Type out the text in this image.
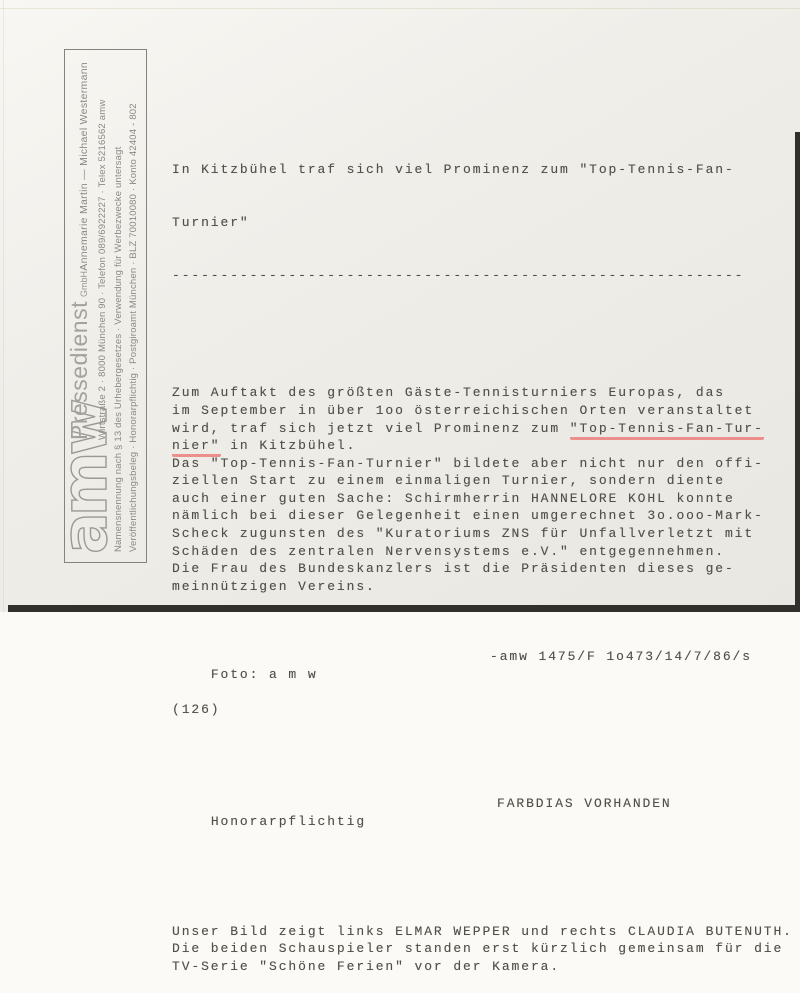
amw
Pressedienst
GmbH
Annemarie Martin — Michael Westermann Wirtstraße 2 · 8000 München 90 · Telefon 089/6922227 · Telex 5216562 amw Namensnennung nach § 13 des Urhebergesetzes · Verwendung für Werbezwecke untersagt Veröffentlichungsbeleg · Honorarpflichtig · Postgiroamt München · BLZ 70010080 · Konto 42404 - 802

	In Kitzbühel traf sich viel Prominenz zum "Top-Tennis-Fan-

Turnier"

-----------------------------------------------------------

Zum Auftakt des größten Gäste-Tennisturniers Europas, das
im September in über 1oo österreichischen Orten veranstaltet
wird, traf sich jetzt viel Prominenz zum "Top-Tennis-Fan-Tur-
nier" in Kitzbühel.
Das "Top-Tennis-Fan-Turnier" bildete aber nicht nur den offi-
ziellen Start zu einem einmaligen Turnier, sondern diente
auch einer guten Sache: Schirmherrin HANNELORE KOHL konnte
nämlich bei dieser Gelegenheit einen umgerechnet 3o.ooo-Mark-
Scheck zugunsten des "Kuratoriums ZNS für Unfallverletzt mit
Schäden des zentralen Nervensystems e.V." entgegennehmen.
Die Frau des Bundeskanzlers ist die Präsidenten dieses ge-
meinnützigen Vereins.

Foto: a m w

-amw 1475/F 1o473/14/7/86/s

(126)

Honorarpflichtig

FARBDIAS VORHANDEN

Unser Bild zeigt links ELMAR WEPPER und rechts CLAUDIA BUTENUTH.
Die beiden Schauspieler standen erst kürzlich gemeinsam für die
TV-Serie "Schöne Ferien" vor der Kamera.
